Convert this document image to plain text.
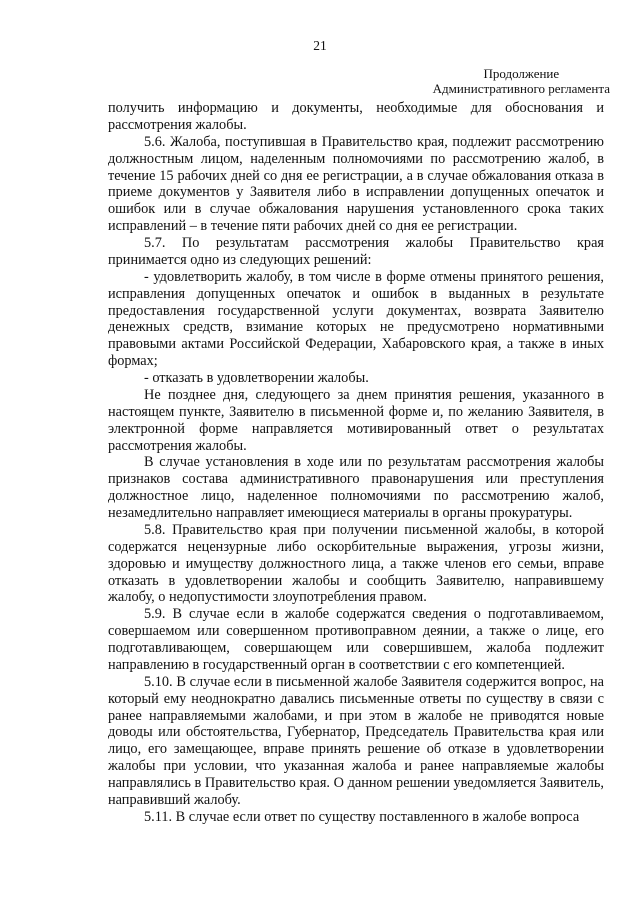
21
Продолжение
Административного регламента

получить информацию и документы, необходимые для обоснования и рассмотрения жалобы.

5.6. Жалоба, поступившая в Правительство края, подлежит рассмотрению должностным лицом, наделенным полномочиями по рассмотрению жалоб, в течение 15 рабочих дней со дня ее регистрации, а в случае обжалования отказа в приеме документов у Заявителя либо в исправлении допущенных опечаток и ошибок или в случае обжалования нарушения установленного срока таких исправлений – в течение пяти рабочих дней со дня ее регистрации.

5.7. По результатам рассмотрения жалобы Правительство края принимается одно из следующих решений:

- удовлетворить жалобу, в том числе в форме отмены принятого решения, исправления допущенных опечаток и ошибок в выданных в результате предоставления государственной услуги документах, возврата Заявителю денежных средств, взимание которых не предусмотрено нормативными правовыми актами Российской Федерации, Хабаровского края, а также в иных формах;

- отказать в удовлетворении жалобы.

Не позднее дня, следующего за днем принятия решения, указанного в настоящем пункте, Заявителю в письменной форме и, по желанию Заявителя, в электронной форме направляется мотивированный ответ о результатах рассмотрения жалобы.

В случае установления в ходе или по результатам рассмотрения жалобы признаков состава административного правонарушения или преступления должностное лицо, наделенное полномочиями по рассмотрению жалоб, незамедлительно направляет имеющиеся материалы в органы прокуратуры.

5.8. Правительство края при получении письменной жалобы, в которой содержатся нецензурные либо оскорбительные выражения, угрозы жизни, здоровью и имуществу должностного лица, а также членов его семьи, вправе отказать в удовлетворении жалобы и сообщить Заявителю, направившему жалобу, о недопустимости злоупотребления правом.

5.9. В случае если в жалобе содержатся сведения о подготавливаемом, совершаемом или совершенном противоправном деянии, а также о лице, его подготавливающем, совершающем или совершившем, жалоба подлежит направлению в государственный орган в соответствии с его компетенцией.

5.10. В случае если в письменной жалобе Заявителя содержится вопрос, на который ему неоднократно давались письменные ответы по существу в связи с ранее направляемыми жалобами, и при этом в жалобе не приводятся новые доводы или обстоятельства, Губернатор, Председатель Правительства края или лицо, его замещающее, вправе принять решение об отказе в удовлетворении жалобы при условии, что указанная жалоба и ранее направляемые жалобы направлялись в Правительство края. О данном решении уведомляется Заявитель, направивший жалобу.

5.11. В случае если ответ по существу поставленного в жалобе вопроса
